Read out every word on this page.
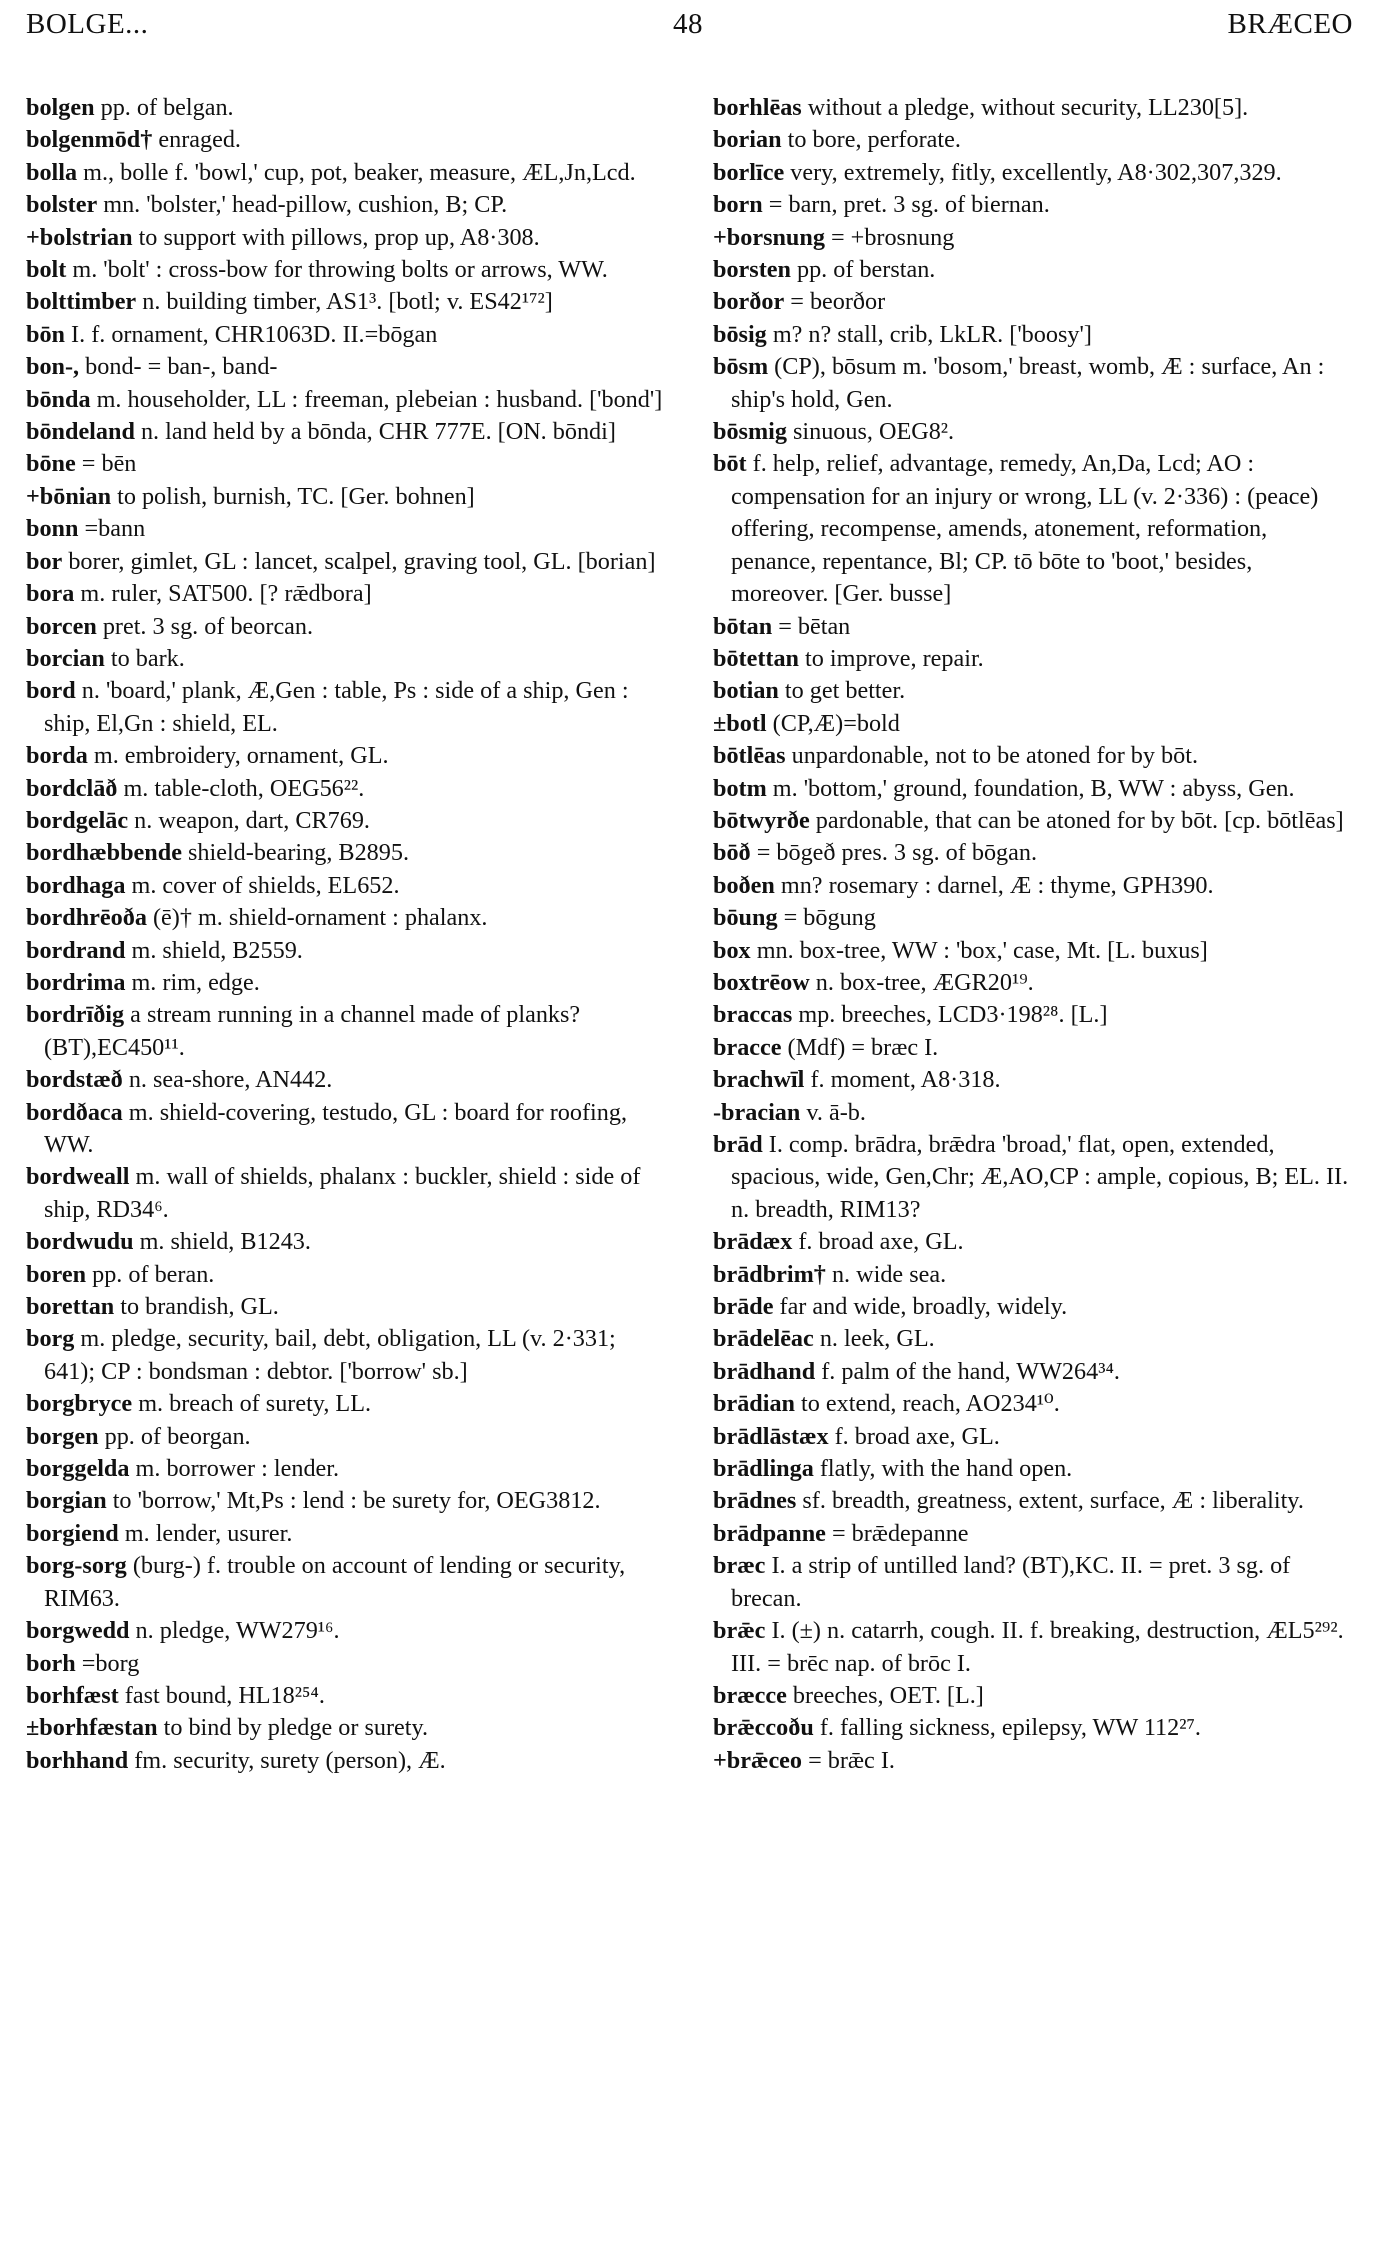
BOLGE...	48	BRÆCEO

bolgen pp. of belgan.

bolgenmōd† enraged.

bolla m., bolle f. 'bowl,' cup, pot, beaker, measure, ÆL,Jn,Lcd.

bolster mn. 'bolster,' head-pillow, cushion, B; CP.

+bolstrian to support with pillows, prop up, A8·308.

bolt m. 'bolt' : cross-bow for throwing bolts or arrows, WW.

bolttimber n. building timber, AS1³. [botl; v. ES42¹⁷²]

bōn I. f. ornament, CHR1063D. II.=bōgan

bon-, bond- = ban-, band-

bōnda m. householder, LL : freeman, plebeian : husband. ['bond']

bōndeland n. land held by a bōnda, CHR 777E. [ON. bōndi]

bōne = bēn

+bōnian to polish, burnish, TC. [Ger. bohnen]

bonn =bann

bor borer, gimlet, GL : lancet, scalpel, graving tool, GL. [borian]

bora m. ruler, SAT500. [? rǣdbora]

borcen pret. 3 sg. of beorcan.

borcian to bark.

bord n. 'board,' plank, Æ,Gen : table, Ps : side of a ship, Gen : ship, El,Gn : shield, EL.

borda m. embroidery, ornament, GL.

bordclāð m. table-cloth, OEG56²².

bordgelāc n. weapon, dart, CR769.

bordhæbbende shield-bearing, B2895.

bordhaga m. cover of shields, EL652.

bordhrēoða (ē)† m. shield-ornament : phalanx.

bordrand m. shield, B2559.

bordrima m. rim, edge.

bordrīðig a stream running in a channel made of planks? (BT),EC450¹¹.

bordstæð n. sea-shore, AN442.

bordðaca m. shield-covering, testudo, GL : board for roofing, WW.

bordweall m. wall of shields, phalanx : buckler, shield : side of ship, RD34⁶.

bordwudu m. shield, B1243.

boren pp. of beran.

borettan to brandish, GL.

borg m. pledge, security, bail, debt, obligation, LL (v. 2·331; 641); CP : bondsman : debtor. ['borrow' sb.]

borgbryce m. breach of surety, LL.

borgen pp. of beorgan.

borggelda m. borrower : lender.

borgian to 'borrow,' Mt,Ps : lend : be surety for, OEG3812.

borgiend m. lender, usurer.

borg-sorg (burg-) f. trouble on account of lending or security, RIM63.

borgwedd n. pledge, WW279¹⁶.

borh =borg

borhfæst fast bound, HL18²⁵⁴.

±borhfæstan to bind by pledge or surety.

borhhand fm. security, surety (person), Æ.

borhlēas without a pledge, without security, LL230[5].

borian to bore, perforate.

borlīce very, extremely, fitly, excellently, A8·302,307,329.

born = barn, pret. 3 sg. of biernan.

+borsnung = +brosnung

borsten pp. of berstan.

borðor = beorðor

bōsig m? n? stall, crib, LkLR. ['boosy']

bōsm (CP), bōsum m. 'bosom,' breast, womb, Æ : surface, An : ship's hold, Gen.

bōsmig sinuous, OEG8².

bōt f. help, relief, advantage, remedy, An,Da, Lcd; AO : compensation for an injury or wrong, LL (v. 2·336) : (peace) offering, recompense, amends, atonement, reformation, penance, repentance, Bl; CP. tō bōte to 'boot,' besides, moreover. [Ger. busse]

bōtan = bētan

bōtettan to improve, repair.

botian to get better.

±botl (CP,Æ)=bold

bōtlēas unpardonable, not to be atoned for by bōt.

botm m. 'bottom,' ground, foundation, B, WW : abyss, Gen.

bōtwyrðe pardonable, that can be atoned for by bōt. [cp. bōtlēas]

bōð = bōgeð pres. 3 sg. of bōgan.

boðen mn? rosemary : darnel, Æ : thyme, GPH390.

bōung = bōgung

box mn. box-tree, WW : 'box,' case, Mt. [L. buxus]

boxtrēow n. box-tree, ÆGR20¹⁹.

braccas mp. breeches, LCD3·198²⁸. [L.]

bracce (Mdf) = bræc I.

brachwīl f. moment, A8·318.

-bracian v. ā-b.

brād I. comp. brādra, brǣdra 'broad,' flat, open, extended, spacious, wide, Gen,Chr; Æ,AO,CP : ample, copious, B; EL. II. n. breadth, RIM13?

brādæx f. broad axe, GL.

brādbrim† n. wide sea.

brāde far and wide, broadly, widely.

brādelēac n. leek, GL.

brādhand f. palm of the hand, WW264³⁴.

brādian to extend, reach, AO234¹⁰.

brādlāstæx f. broad axe, GL.

brādlinga flatly, with the hand open.

brādnes sf. breadth, greatness, extent, surface, Æ : liberality.

brādpanne = brǣdepanne

bræc I. a strip of untilled land? (BT),KC. II. = pret. 3 sg. of brecan.

brǣc I. (±) n. catarrh, cough. II. f. breaking, destruction, ÆL5²⁹². III. = brēc nap. of brōc I.

bræcce breeches, OET. [L.]

brǣccoðu f. falling sickness, epilepsy, WW 112²⁷.

+brǣceo = brǣc I.
